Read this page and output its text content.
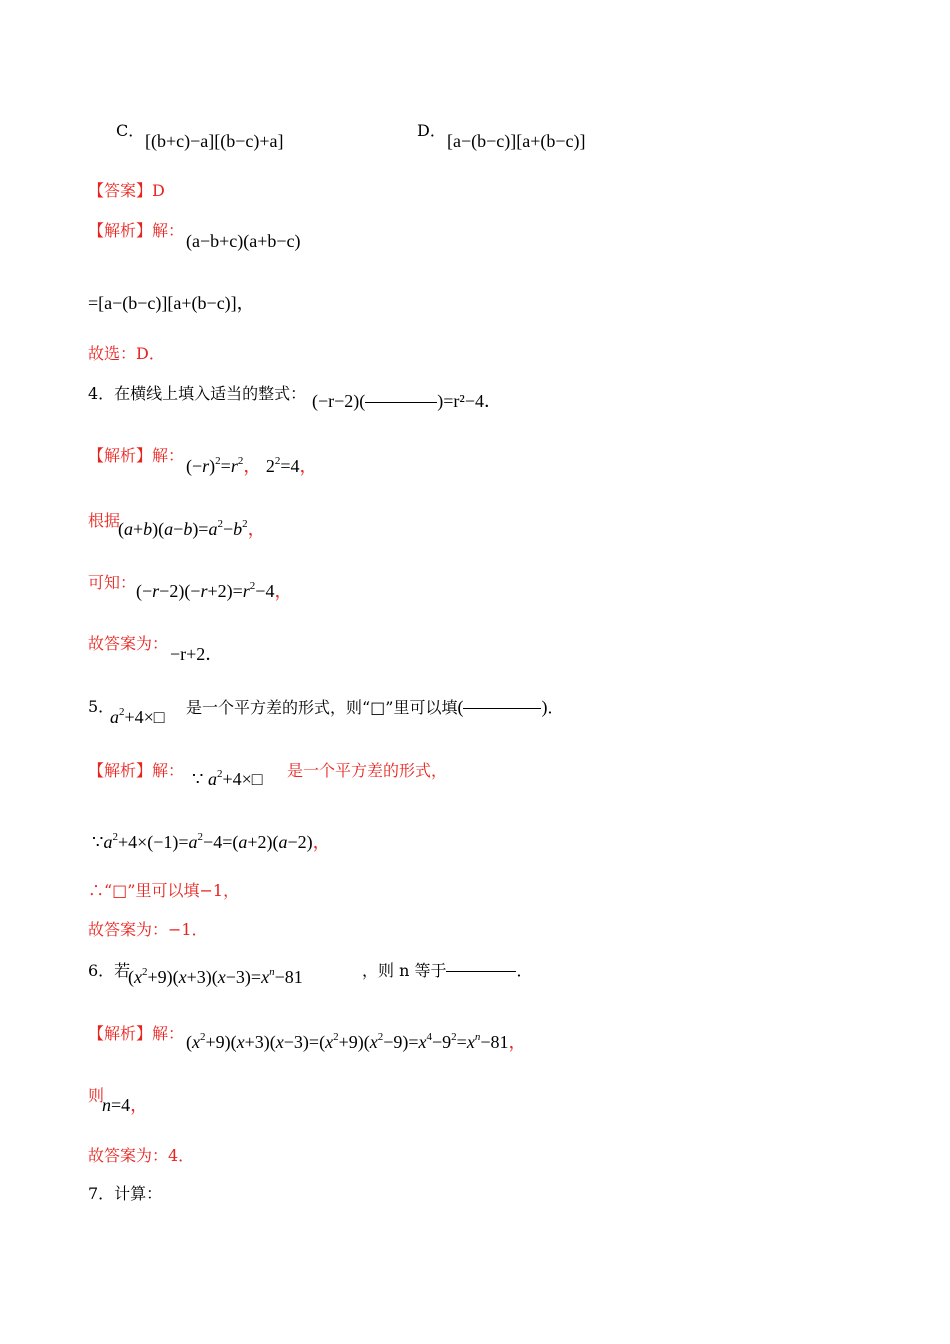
C．
[(b+c)−a][(b−c)+a]
D．
[a−(b−c)][a+(b−c)]
【答案】D
【解析】解：
(a−b+c)(a+b−c)
=[a−(b−c)][a+(b−c)]，
故选：D．
4．在横线上填入适当的整式： (−r−2)(	)=r²−4．
【解析】解：
$(-r)^2=r^2$， $2^2=4$，
根据
$(a+b)(a-b)=a^2-b^2$，
可知： $(-r-2)(-r+2)=r^2-4$，
故答案为：
−r+2．
5．
$a^2+4\times□$ 是一个平方差的形式，则“□”里可以填(	)．
【解析】解： ∵ $a^2+4\times□$ 是一个平方差的形式，
$\because a^2+4\times(-1)=a^2-4=(a+2)(a-2)$，
∴“□”里可以填−1，
故答案为：−1．
6．若
$(x^2+9)(x+3)(x-3)=x^n-81$	，则 n 等于	．
【解析】解： $(x^2+9)(x+3)(x-3)=(x^2+9)(x^2-9)=x^4-9^2=x^n-81$，
则
n=4，
故答案为：4．
7．计算：
